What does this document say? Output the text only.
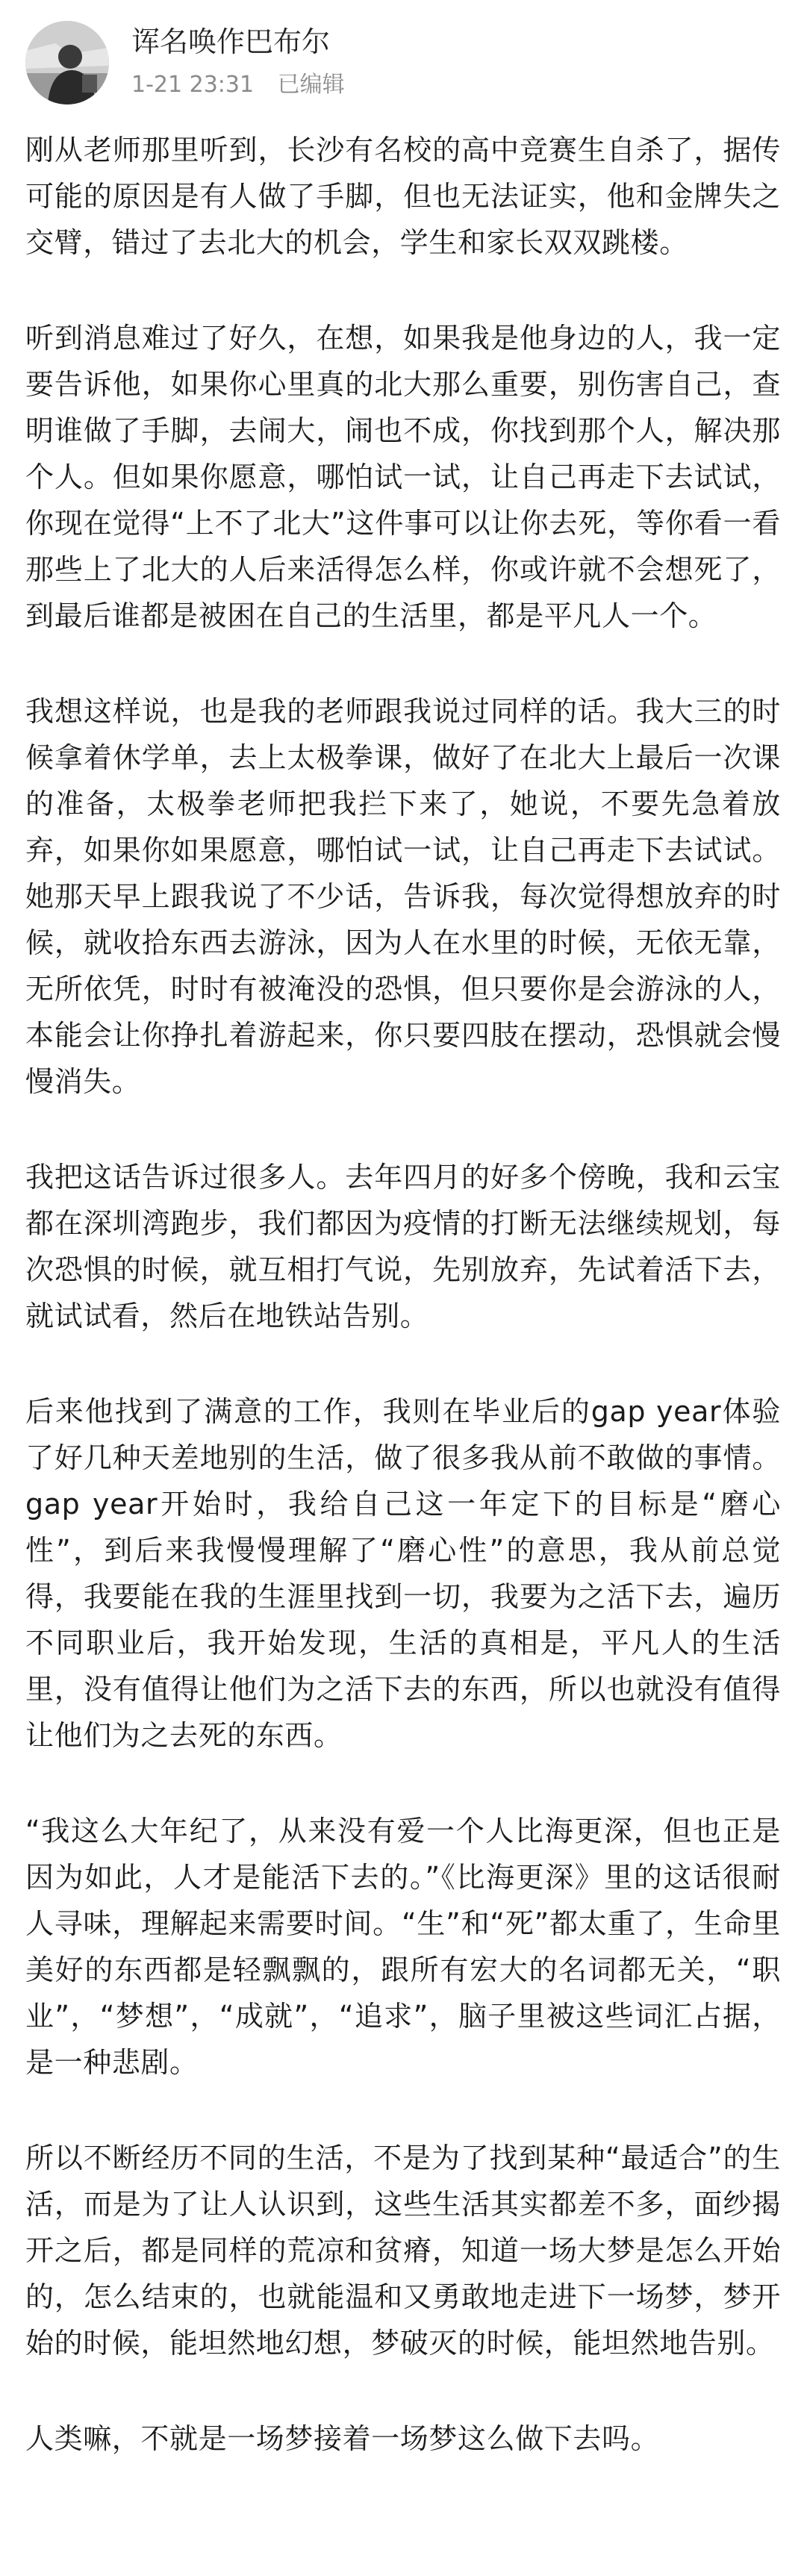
诨名唤作巴布尔
1-21 23:31 已编辑

刚从老师那里听到，长沙有名校的高中竞赛生自杀了，据传可能的原因是有人做了手脚，但也无法证实，他和金牌失之交臂，错过了去北大的机会，学生和家长双双跳楼。

听到消息难过了好久，在想，如果我是他身边的人，我一定要告诉他，如果你心里真的北大那么重要，别伤害自己，查明谁做了手脚，去闹大，闹也不成，你找到那个人，解决那个人。但如果你愿意，哪怕试一试，让自己再走下去试试，你现在觉得“上不了北大”这件事可以让你去死，等你看一看那些上了北大的人后来活得怎么样，你或许就不会想死了，到最后谁都是被困在自己的生活里，都是平凡人一个。

我想这样说，也是我的老师跟我说过同样的话。我大三的时候拿着休学单，去上太极拳课，做好了在北大上最后一次课的准备，太极拳老师把我拦下来了，她说，不要先急着放弃，如果你如果愿意，哪怕试一试，让自己再走下去试试。她那天早上跟我说了不少话，告诉我，每次觉得想放弃的时候，就收拾东西去游泳，因为人在水里的时候，无依无靠，无所依凭，时时有被淹没的恐惧，但只要你是会游泳的人，本能会让你挣扎着游起来，你只要四肢在摆动，恐惧就会慢慢消失。

我把这话告诉过很多人。去年四月的好多个傍晚，我和云宝都在深圳湾跑步，我们都因为疫情的打断无法继续规划，每次恐惧的时候，就互相打气说，先别放弃，先试着活下去，就试试看，然后在地铁站告别。

后来他找到了满意的工作，我则在毕业后的gap year体验了好几种天差地别的生活，做了很多我从前不敢做的事情。gap year开始时，我给自己这一年定下的目标是“磨心性”，到后来我慢慢理解了“磨心性”的意思，我从前总觉得，我要能在我的生涯里找到一切，我要为之活下去，遍历不同职业后，我开始发现，生活的真相是，平凡人的生活里，没有值得让他们为之活下去的东西，所以也就没有值得让他们为之去死的东西。

“我这么大年纪了，从来没有爱一个人比海更深，但也正是因为如此，人才是能活下去的。”《比海更深》里的这话很耐人寻味，理解起来需要时间。“生”和“死”都太重了，生命里美好的东西都是轻飘飘的，跟所有宏大的名词都无关，“职业”，“梦想”，“成就”，“追求”，脑子里被这些词汇占据，是一种悲剧。

所以不断经历不同的生活，不是为了找到某种“最适合”的生活，而是为了让人认识到，这些生活其实都差不多，面纱揭开之后，都是同样的荒凉和贫瘠，知道一场大梦是怎么开始的，怎么结束的，也就能温和又勇敢地走进下一场梦，梦开始的时候，能坦然地幻想，梦破灭的时候，能坦然地告别。

人类嘛，不就是一场梦接着一场梦这么做下去吗。
